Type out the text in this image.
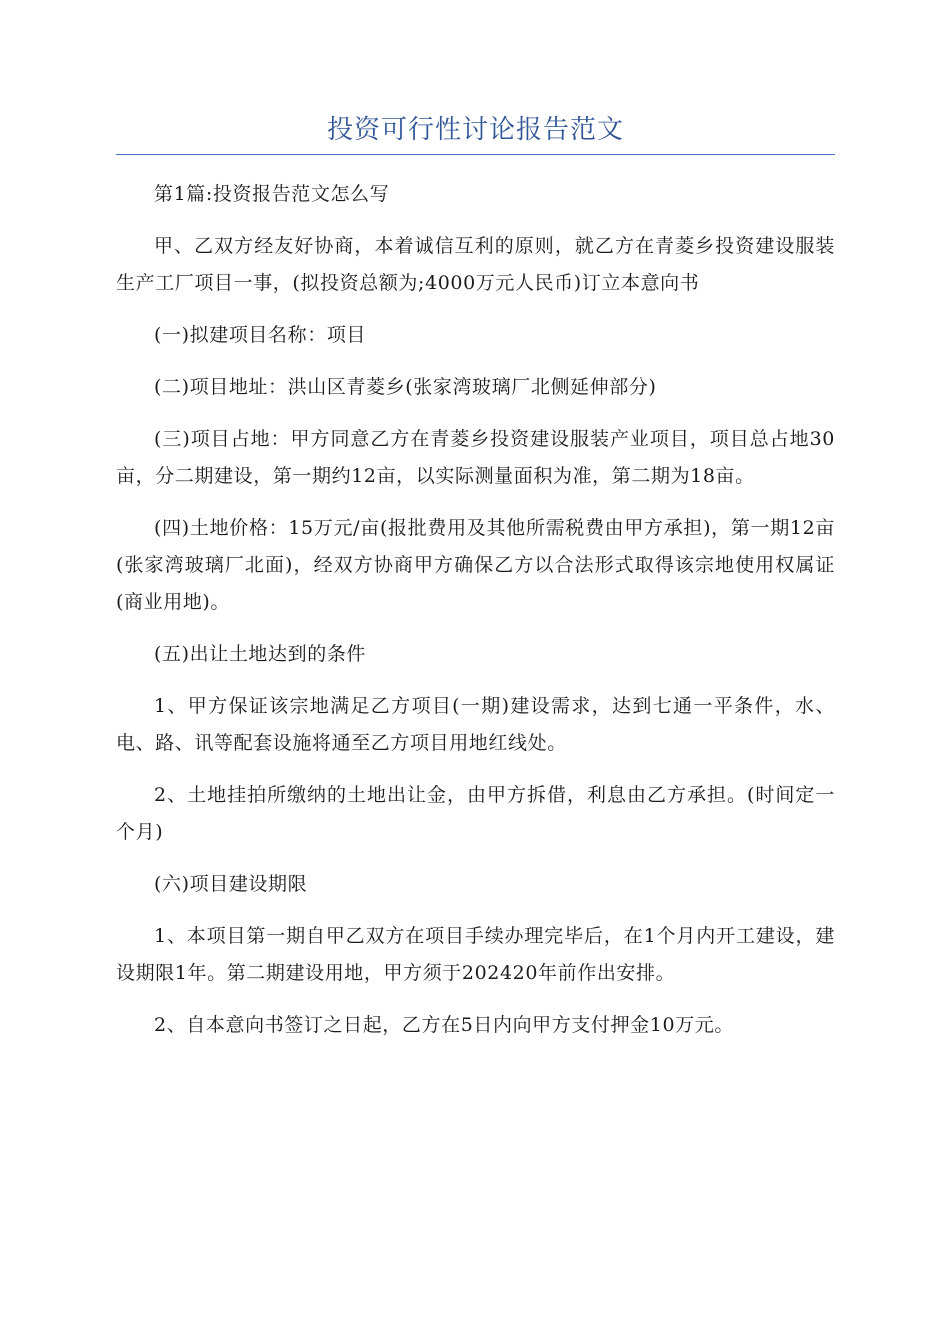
投资可行性讨论报告范文

第1篇:投资报告范文怎么写

甲、乙双方经友好协商，本着诚信互利的原则，就乙方在青菱乡投资建设服装生产工厂项目一事，(拟投资总额为;4000万元人民币)订立本意向书

(一)拟建项目名称：项目

(二)项目地址：洪山区青菱乡(张家湾玻璃厂北侧延伸部分)

(三)项目占地：甲方同意乙方在青菱乡投资建设服装产业项目，项目总占地30亩，分二期建设，第一期约12亩，以实际测量面积为准，第二期为18亩。

(四)土地价格：15万元/亩(报批费用及其他所需税费由甲方承担)，第一期12亩(张家湾玻璃厂北面)，经双方协商甲方确保乙方以合法形式取得该宗地使用权属证(商业用地)。

(五)出让土地达到的条件

1、甲方保证该宗地满足乙方项目(一期)建设需求，达到七通一平条件，水、电、路、讯等配套设施将通至乙方项目用地红线处。

2、土地挂拍所缴纳的土地出让金，由甲方拆借，利息由乙方承担。(时间定一个月)

(六)项目建设期限

1、本项目第一期自甲乙双方在项目手续办理完毕后，在1个月内开工建设，建设期限1年。第二期建设用地，甲方须于202420年前作出安排。

2、自本意向书签订之日起，乙方在5日内向甲方支付押金10万元。
